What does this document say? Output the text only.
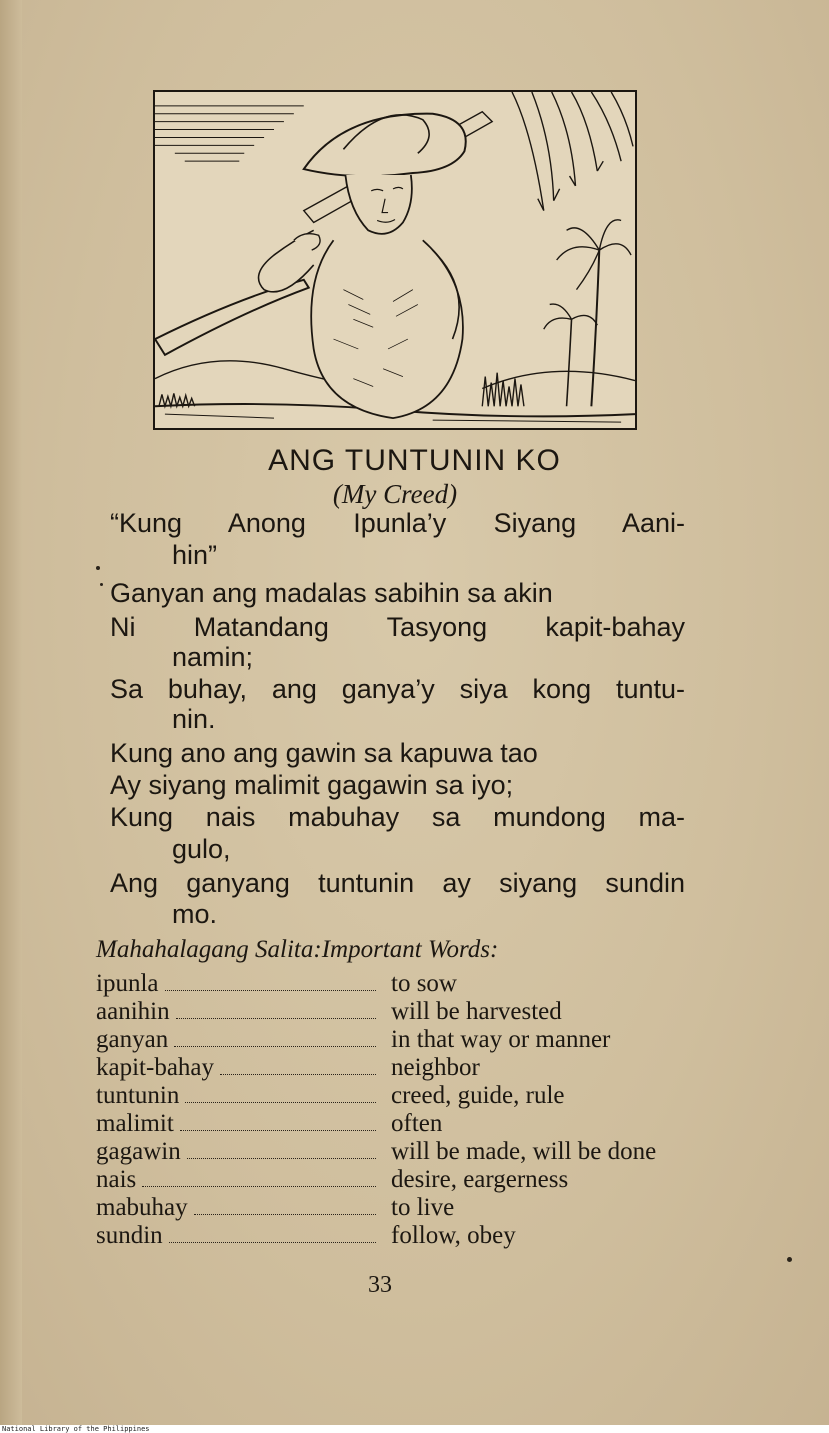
ANG TUNTUNIN KO
(My Creed)
“Kung Anong Ipunla’y Siyang Aani-
hin”
Ganyan ang madalas sabihin sa akin
Ni Matandang Tasyong kapit-bahay
namin;
Sa buhay, ang ganya’y siya kong tuntu-
nin.
Kung ano ang gawin sa kapuwa tao
Ay siyang malimit gagawin sa iyo;
Kung nais mabuhay sa mundong ma-
gulo,
Ang ganyang tuntunin ay siyang sundin
mo.
Mahahalagang Salita:Important Words:
ipunla	to sow
aanihin	will be harvested
ganyan	in that way or manner
kapit-bahay	neighbor
tuntunin	creed, guide, rule
malimit	often
gagawin	will be made, will be done
nais	desire, eargerness
mabuhay	to live
sundin	follow, obey
33
National Library of the Philippines
